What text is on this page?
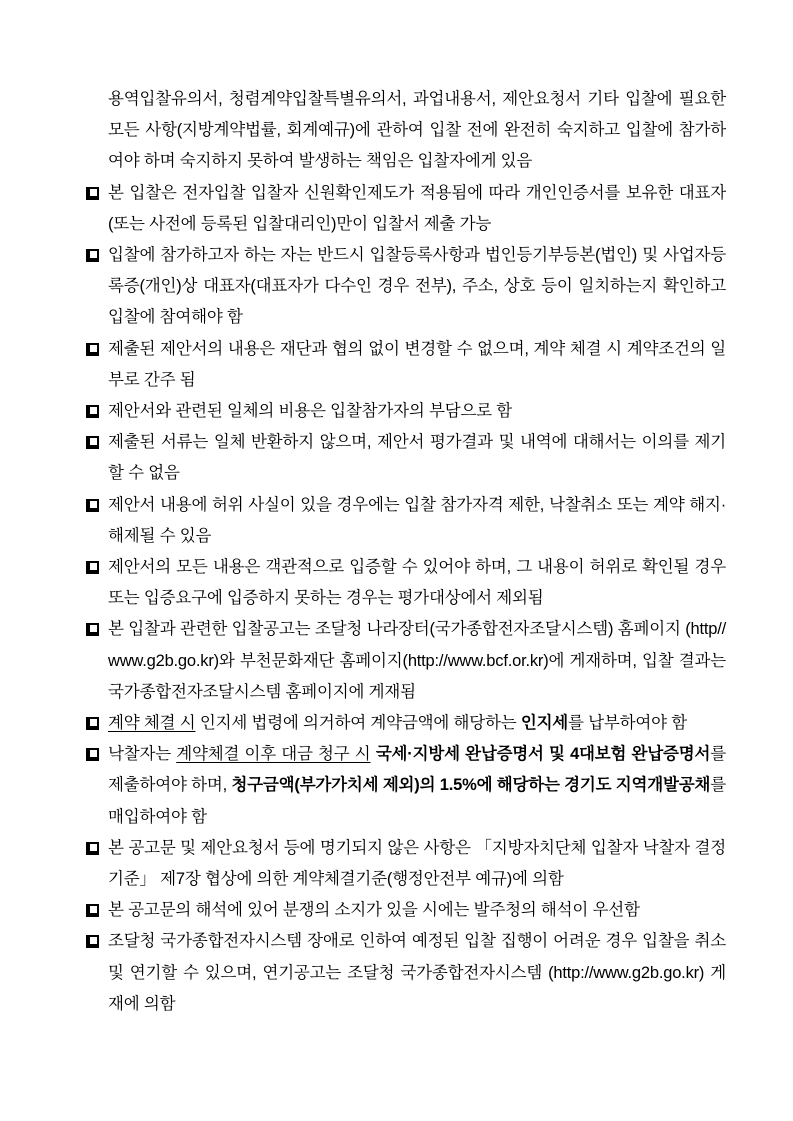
용역입찰유의서, 청렴계약입찰특별유의서, 과업내용서, 제안요청서 기타 입찰에 필요한 모든 사항(지방계약법률, 회계예규)에 관하여 입찰 전에 완전히 숙지하고 입찰에 참가하여야 하며 숙지하지 못하여 발생하는 책임은 입찰자에게 있음
본 입찰은 전자입찰 입찰자 신원확인제도가 적용됨에 따라 개인인증서를 보유한 대표자(또는 사전에 등록된 입찰대리인)만이 입찰서 제출 가능
입찰에 참가하고자 하는 자는 반드시 입찰등록사항과 법인등기부등본(법인) 및 사업자등록증(개인)상 대표자(대표자가 다수인 경우 전부), 주소, 상호 등이 일치하는지 확인하고 입찰에 참여해야 함
제출된 제안서의 내용은 재단과 협의 없이 변경할 수 없으며, 계약 체결 시 계약조건의 일부로 간주 됨
제안서와 관련된 일체의 비용은 입찰참가자의 부담으로 함
제출된 서류는 일체 반환하지 않으며, 제안서 평가결과 및 내역에 대해서는 이의를 제기할 수 없음
제안서 내용에 허위 사실이 있을 경우에는 입찰 참가자격 제한, 낙찰취소 또는 계약 해지·해제될 수 있음
제안서의 모든 내용은 객관적으로 입증할 수 있어야 하며, 그 내용이 허위로 확인될 경우 또는 입증요구에 입증하지 못하는 경우는 평가대상에서 제외됨
본 입찰과 관련한 입찰공고는 조달청 나라장터(국가종합전자조달시스템) 홈페이지 (http//www.g2b.go.kr)와 부천문화재단 홈페이지(http://www.bcf.or.kr)에 게재하며, 입찰 결과는 국가종합전자조달시스템 홈페이지에 게재됨
계약 체결 시 인지세 법령에 의거하여 계약금액에 해당하는 인지세를 납부하여야 함
낙찰자는 계약체결 이후 대금 청구 시 국세·지방세 완납증명서 및 4대보험 완납증명서를 제출하여야 하며, 청구금액(부가가치세 제외)의 1.5%에 해당하는 경기도 지역개발공채를 매입하여야 함
본 공고문 및 제안요청서 등에 명기되지 않은 사항은 「지방자치단체 입찰자 낙찰자 결정기준」 제7장 협상에 의한 계약체결기준(행정안전부 예규)에 의함
본 공고문의 해석에 있어 분쟁의 소지가 있을 시에는 발주청의 해석이 우선함
조달청 국가종합전자시스템 장애로 인하여 예정된 입찰 집행이 어려운 경우 입찰을 취소 및 연기할 수 있으며, 연기공고는 조달청 국가종합전자시스템 (http://www.g2b.go.kr) 게재에 의함
